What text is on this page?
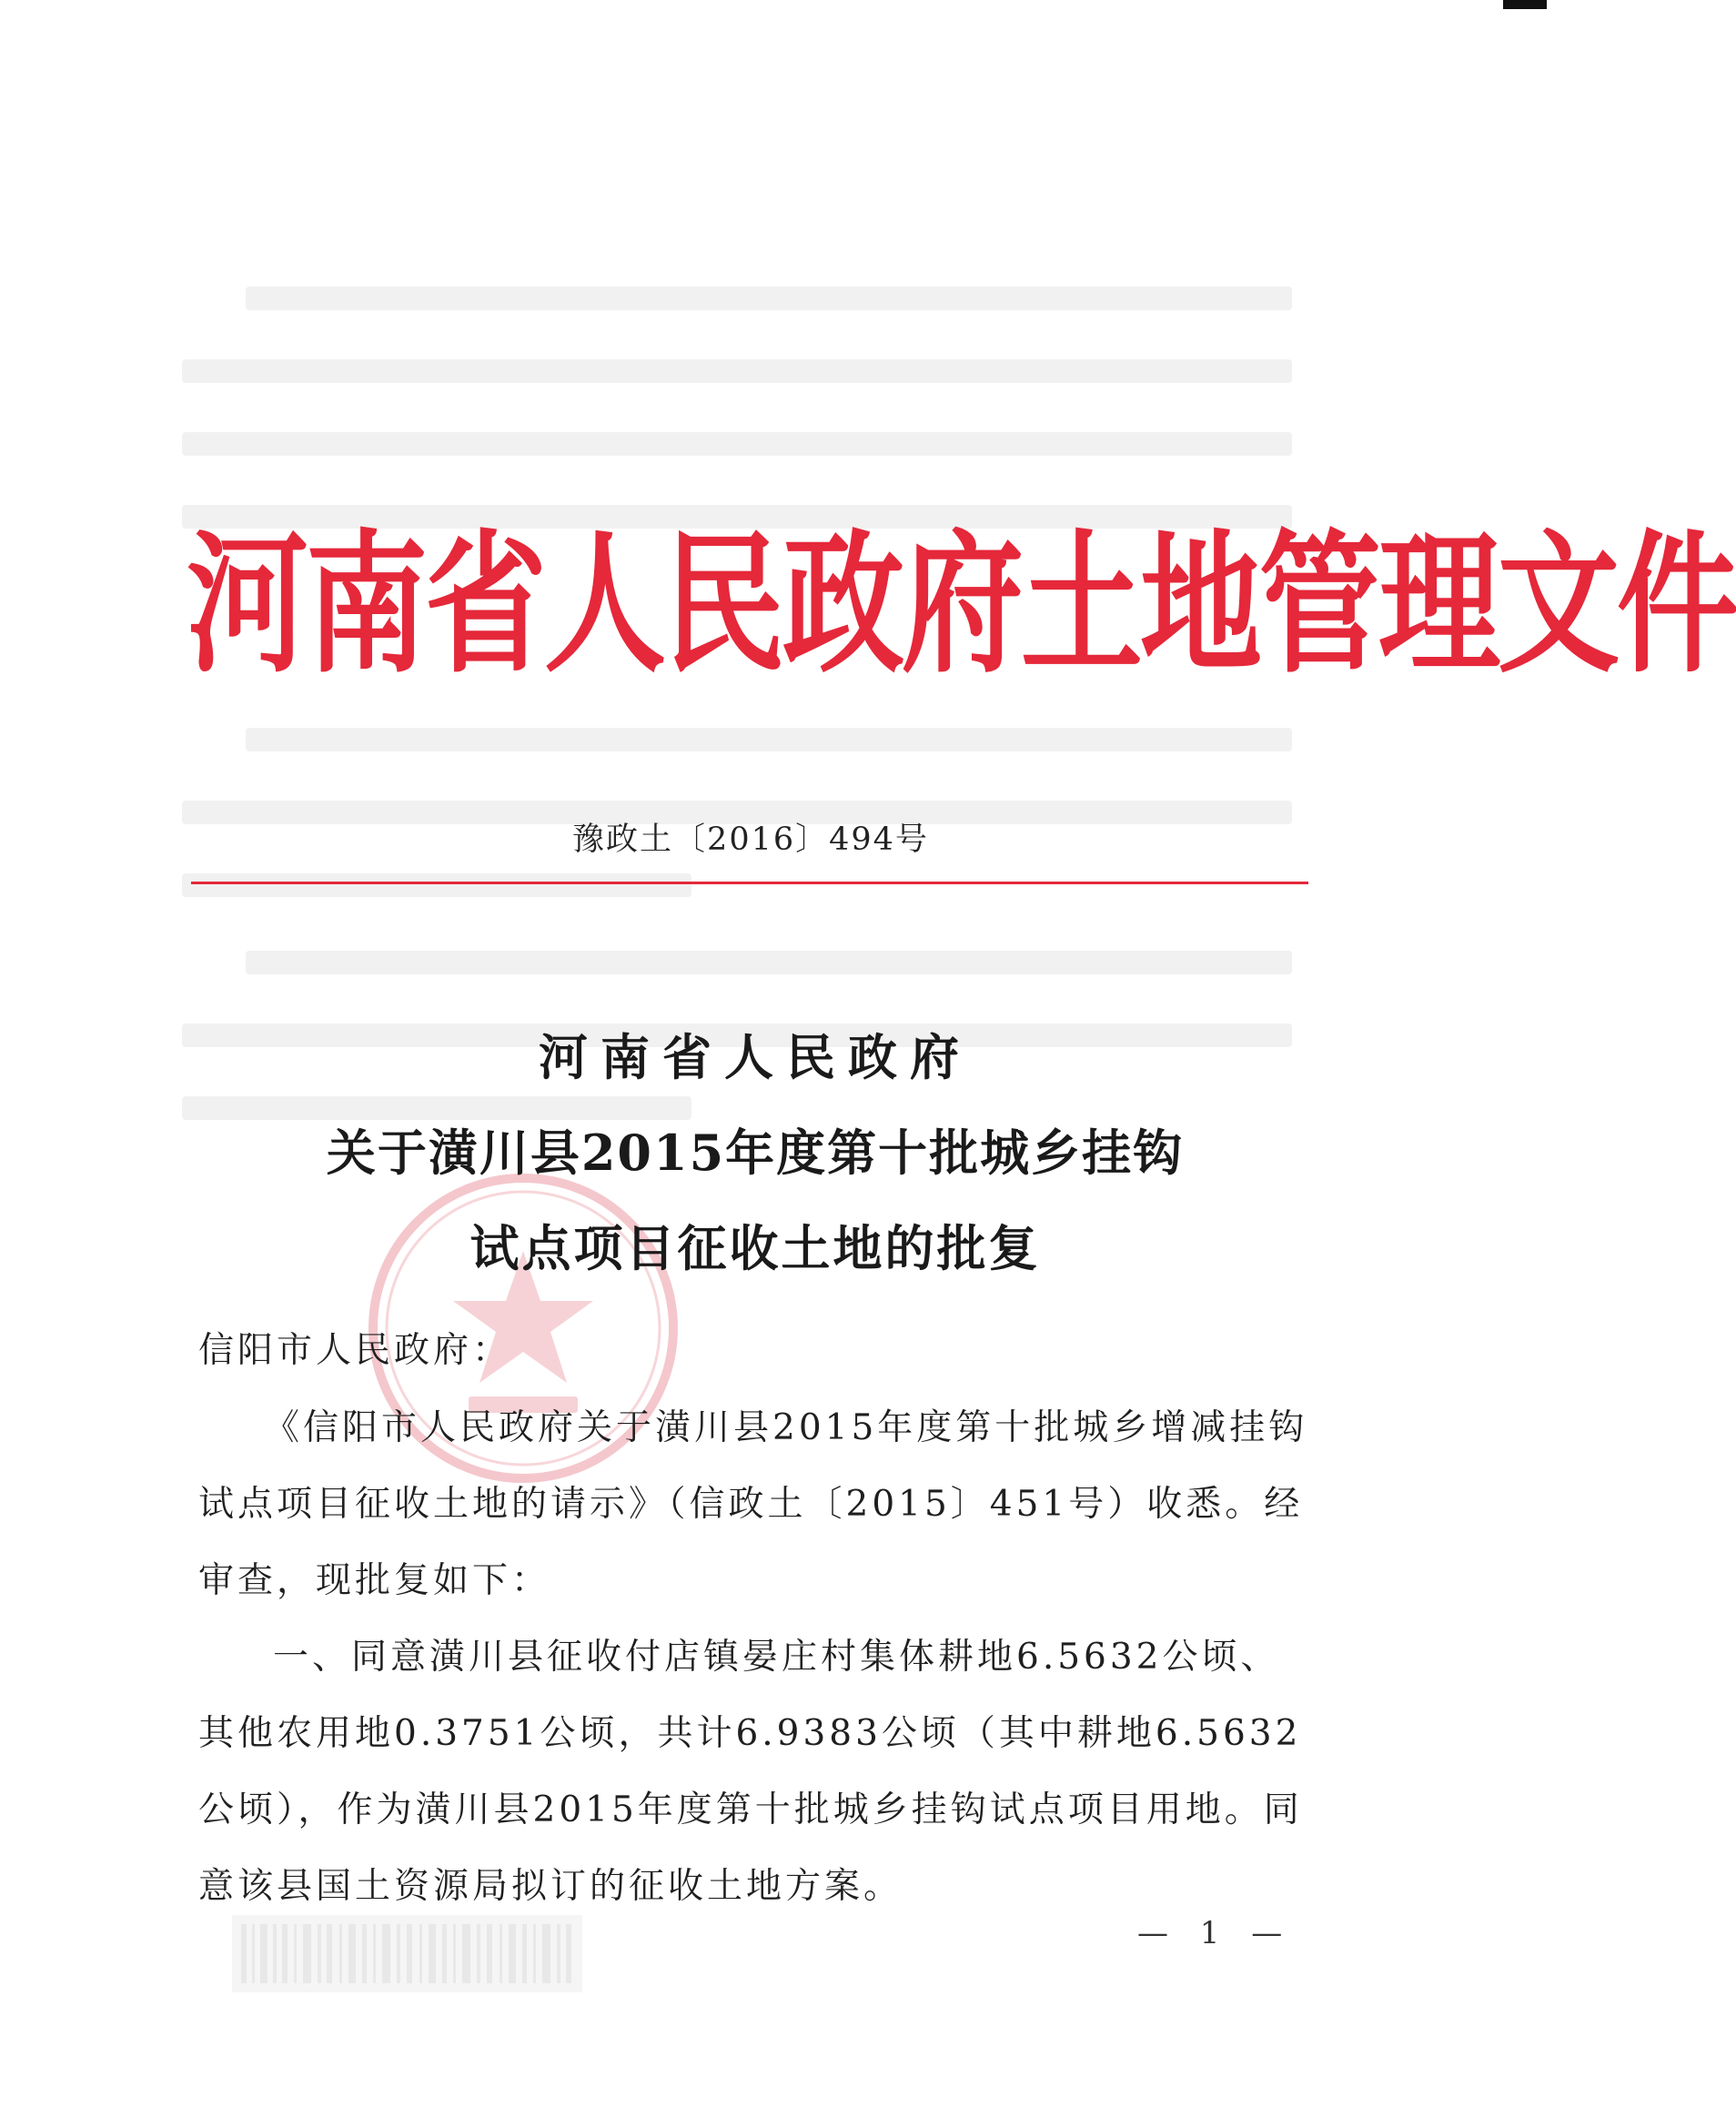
河南省人民政府土地管理文件
豫政土〔2016〕494号
河南省人民政府
关于潢川县2015年度第十批城乡挂钩
试点项目征收土地的批复
信阳市人民政府：
《信阳市人民政府关于潢川县2015年度第十批城乡增减挂钩
试点项目征收土地的请示》（信政土〔2015〕451号）收悉。经
审查，现批复如下：
一、同意潢川县征收付店镇晏庄村集体耕地6.5632公顷、
其他农用地0.3751公顷，共计6.9383公顷（其中耕地6.5632
公顷），作为潢川县2015年度第十批城乡挂钩试点项目用地。同
意该县国土资源局拟订的征收土地方案。
— 1 —
